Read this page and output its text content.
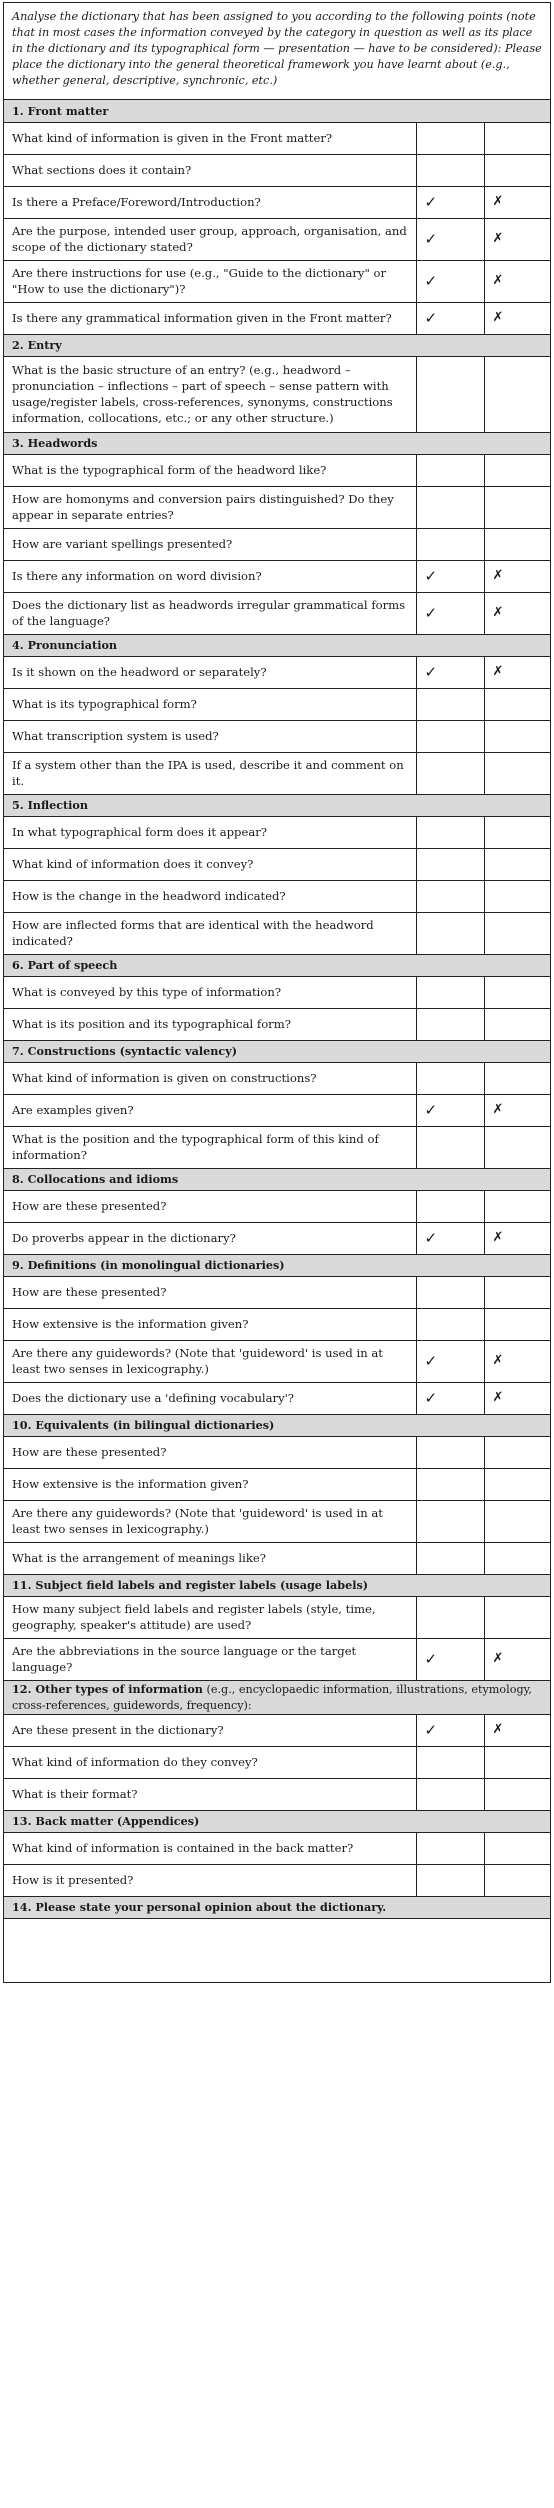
Analyse the dictionary that has been assigned to you according to the following points (note that in most cases the information conveyed by the category in question as well as its place in the dictionary and its typographical form — presentation — have to be considered): Please place the dictionary into the general theoretical framework you have learnt about (e.g., whether general, descriptive, synchronic, etc.)
1. Front matter		
What kind of information is given in the Front matter?		
What sections does it contain?		
Is there a Preface/Foreword/Introduction?	✓	✗
Are the purpose, intended user group, approach, organisation, and scope of the dictionary stated?	✓	✗
Are there instructions for use (e.g., "Guide to the dictionary" or "How to use the dictionary")?	✓	✗
Is there any grammatical information given in the Front matter?	✓	✗
2. Entry		
What is the basic structure of an entry? (e.g., headword – pronunciation – inflections – part of speech – sense pattern with usage/register labels, cross-references, synonyms, constructions information, collocations, etc.; or any other structure.)		
3. Headwords		
What is the typographical form of the headword like?		
How are homonyms and conversion pairs distinguished? Do they appear in separate entries?		
How are variant spellings presented?		
Is there any information on word division?	✓	✗
Does the dictionary list as headwords irregular grammatical forms of the language?	✓	✗
4. Pronunciation		
Is it shown on the headword or separately?	✓	✗
What is its typographical form?		
What transcription system is used?		
If a system other than the IPA is used, describe it and comment on it.		
5. Inflection		
In what typographical form does it appear?		
What kind of information does it convey?		
How is the change in the headword indicated?		
How are inflected forms that are identical with the headword indicated?		
6. Part of speech		
What is conveyed by this type of information?		
What is its position and its typographical form?		
7. Constructions (syntactic valency)		
What kind of information is given on constructions?		
Are examples given?	✓	✗
What is the position and the typographical form of this kind of information?		
8. Collocations and idioms		
How are these presented?		
Do proverbs appear in the dictionary?	✓	✗
9. Definitions (in monolingual dictionaries)		
How are these presented?		
How extensive is the information given?		
Are there any guidewords? (Note that 'guideword' is used in at least two senses in lexicography.)	✓	✗
Does the dictionary use a 'defining vocabulary'?	✓	✗
10. Equivalents (in bilingual dictionaries)		
How are these presented?		
How extensive is the information given?		
Are there any guidewords? (Note that 'guideword' is used in at least two senses in lexicography.)		
What is the arrangement of meanings like?		
11. Subject field labels and register labels (usage labels)		
How many subject field labels and register labels (style, time, geography, speaker's attitude) are used?		
Are the abbreviations in the source language or the target language?	✓	✗
12. Other types of information (e.g., encyclopaedic information, illustrations, etymology, cross-references, guidewords, frequency):		
Are these present in the dictionary?	✓	✗
What kind of information do they convey?		
What is their format?		
13. Back matter (Appendices)		
What kind of information is contained in the back matter?		
How is it presented?		
14. Please state your personal opinion about the dictionary.		
